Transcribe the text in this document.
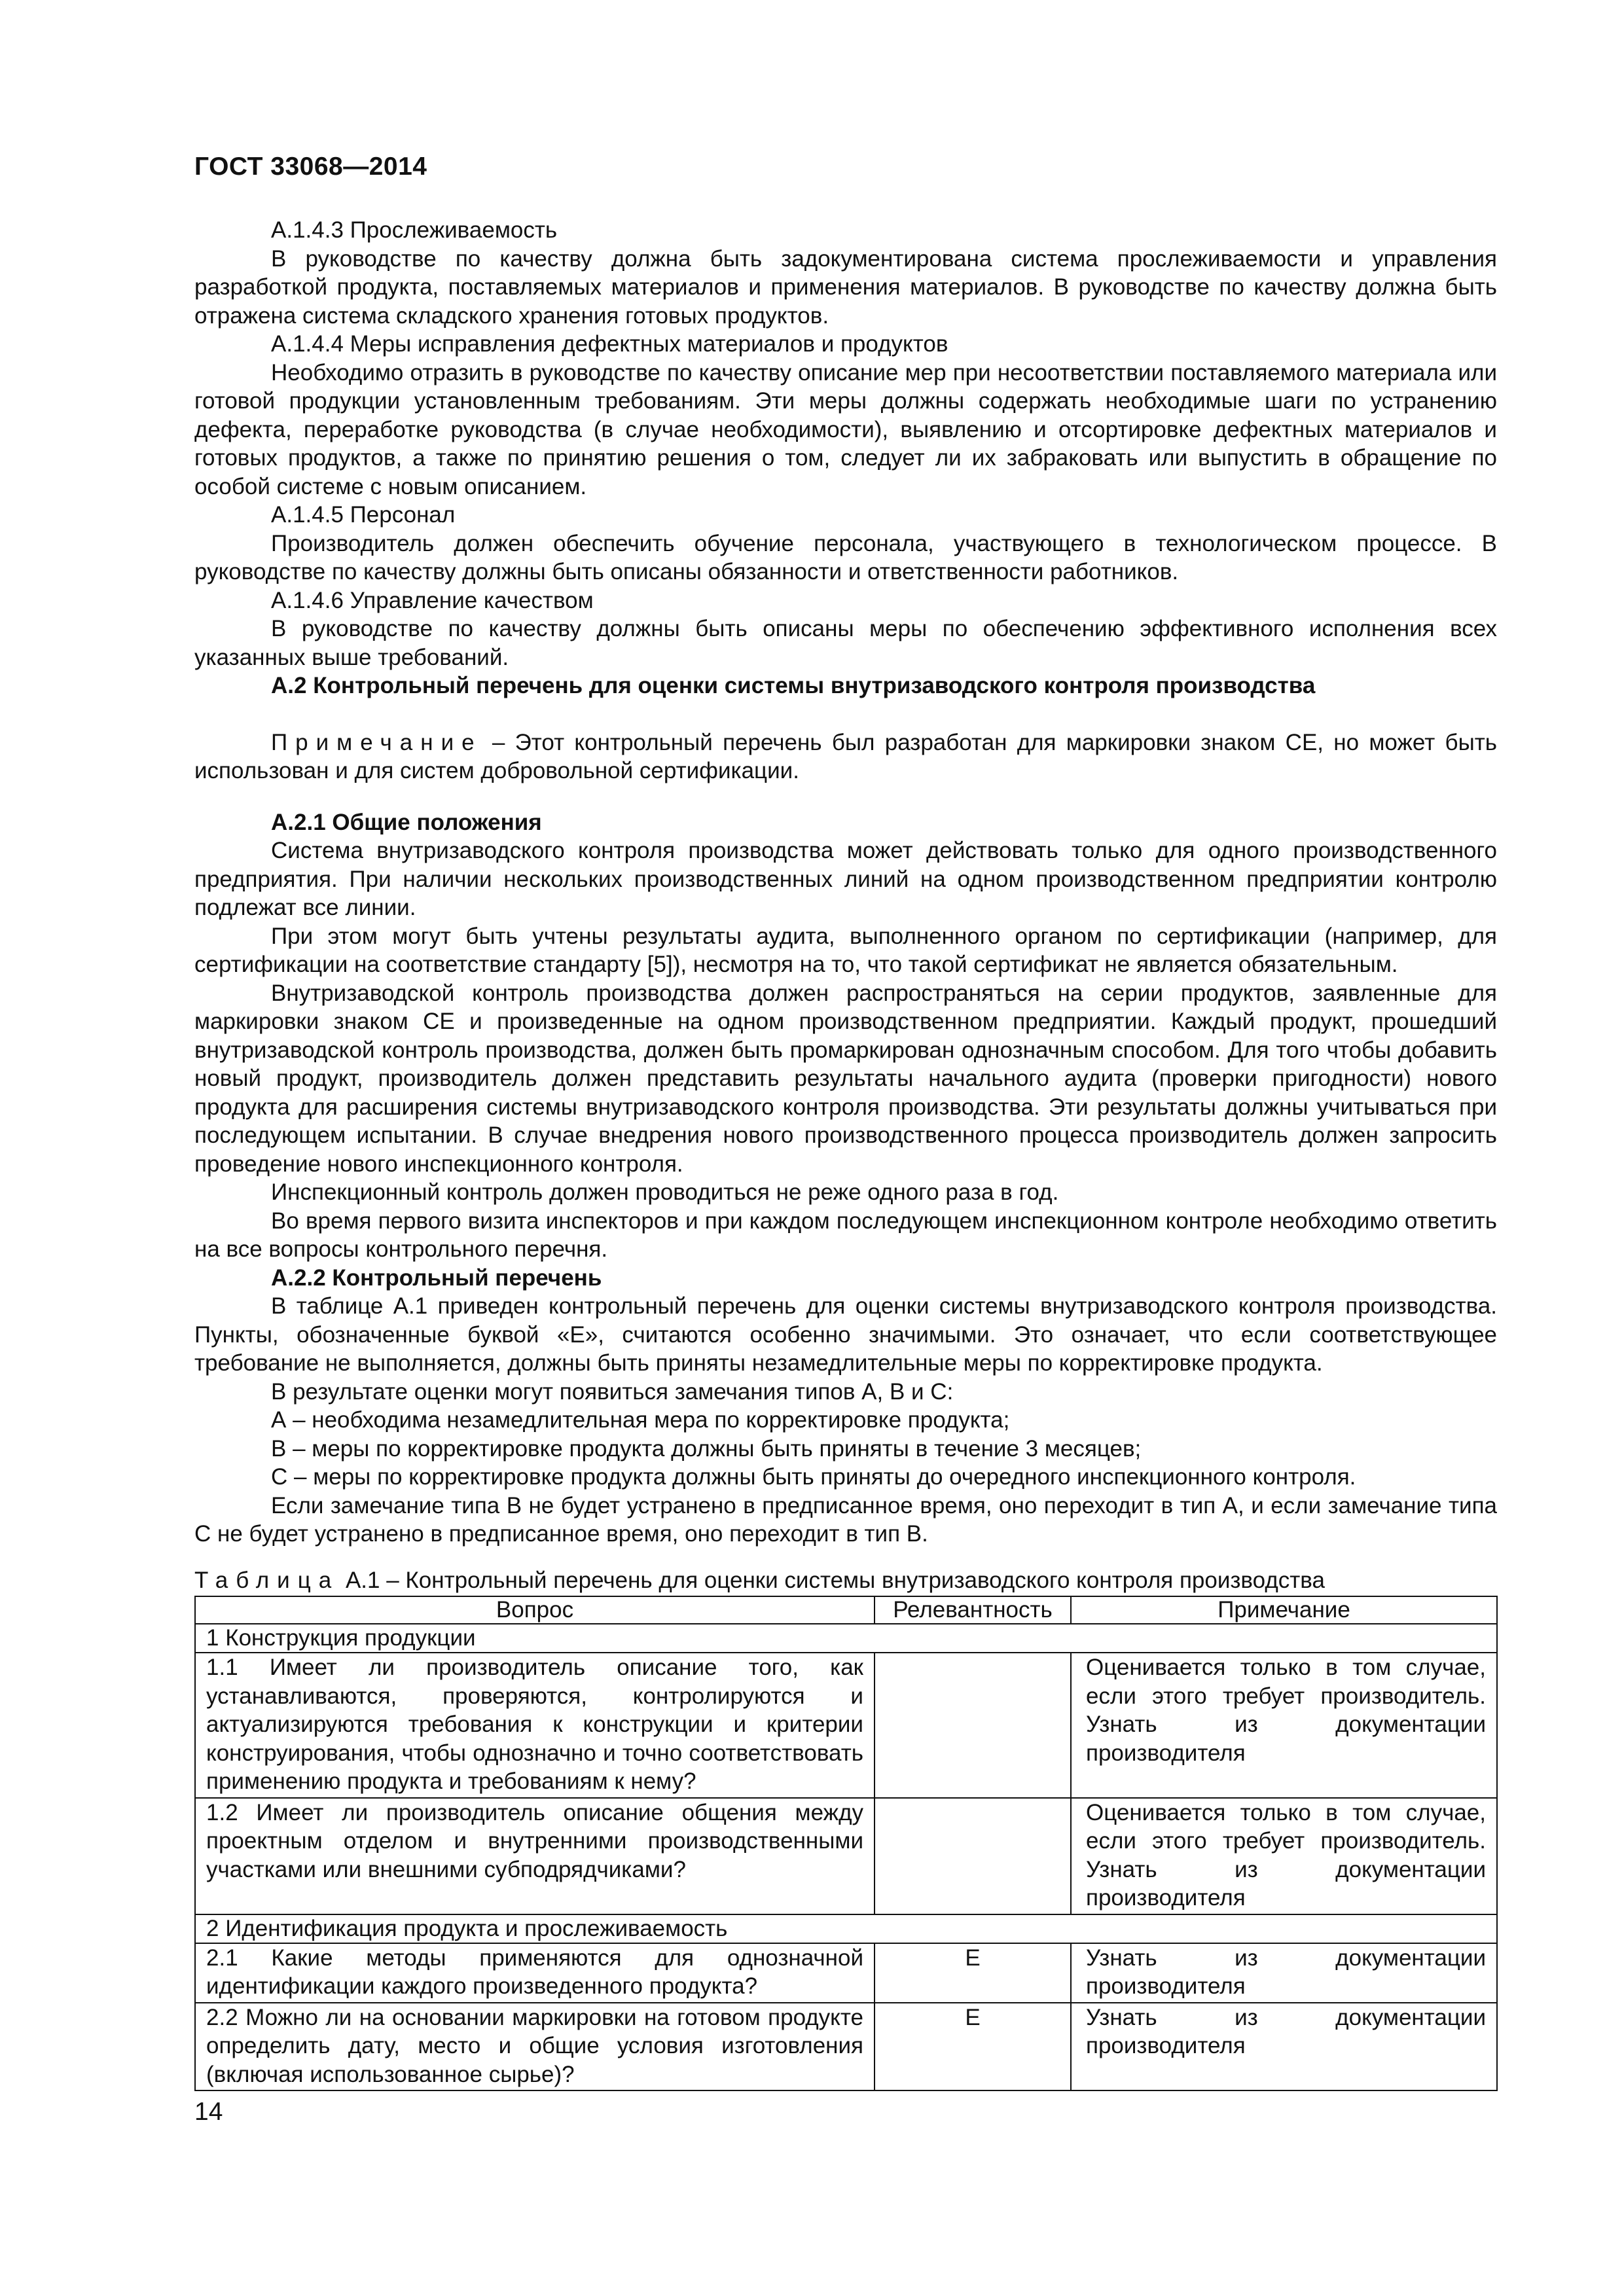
ГОСТ 33068—2014

А.1.4.3 Прослеживаемость

В руководстве по качеству должна быть задокументирована система прослеживаемости и управления разработкой продукта, поставляемых материалов и применения материалов. В руководстве по качеству должна быть отражена система складского хранения готовых продуктов.

А.1.4.4 Меры исправления дефектных материалов и продуктов

Необходимо отразить в руководстве по качеству описание мер при несоответствии поставляемого материала или готовой продукции установленным требованиям. Эти меры должны содержать необходимые шаги по устранению дефекта, переработке руководства (в случае необходимости), выявлению и отсортировке дефектных материалов и готовых продуктов, а также по принятию решения о том, следует ли их забраковать или выпустить в обращение по особой системе с новым описанием.

А.1.4.5 Персонал

Производитель должен обеспечить обучение персонала, участвующего в технологическом процессе. В руководстве по качеству должны быть описаны обязанности и ответственности работников.

А.1.4.6 Управление качеством

В руководстве по качеству должны быть описаны меры по обеспечению эффективного исполнения всех указанных выше требований.

А.2 Контрольный перечень для оценки системы внутризаводского контроля производства

Примечание – Этот контрольный перечень был разработан для маркировки знаком СЕ, но может быть использован и для систем добровольной сертификации.

А.2.1 Общие положения

Система внутризаводского контроля производства может действовать только для одного производственного предприятия. При наличии нескольких производственных линий на одном производственном предприятии контролю подлежат все линии.

При этом могут быть учтены результаты аудита, выполненного органом по сертификации (например, для сертификации на соответствие стандарту [5]), несмотря на то, что такой сертификат не является обязательным.

Внутризаводской контроль производства должен распространяться на серии продуктов, заявленные для маркировки знаком СЕ и произведенные на одном производственном предприятии. Каждый продукт, прошедший внутризаводской контроль производства, должен быть промаркирован однозначным способом. Для того чтобы добавить новый продукт, производитель должен представить результаты начального аудита (проверки пригодности) нового продукта для расширения системы внутризаводского контроля производства. Эти результаты должны учитываться при последующем испытании. В случае внедрения нового производственного процесса производитель должен запросить проведение нового инспекционного контроля.

Инспекционный контроль должен проводиться не реже одного раза в год.

Во время первого визита инспекторов и при каждом последующем инспекционном контроле необходимо ответить на все вопросы контрольного перечня.

А.2.2 Контрольный перечень

В таблице А.1 приведен контрольный перечень для оценки системы внутризаводского контроля производства. Пункты, обозначенные буквой «Е», считаются особенно значимыми. Это означает, что если соответствующее требование не выполняется, должны быть приняты незамедлительные меры по корректировке продукта.

В результате оценки могут появиться замечания типов А, В и С:

А – необходима незамедлительная мера по корректировке продукта;

В – меры по корректировке продукта должны быть приняты в течение 3 месяцев;

С – меры по корректировке продукта должны быть приняты до очередного инспекционного контроля.

Если замечание типа В не будет устранено в предписанное время, оно переходит в тип А, и если замечание типа С не будет устранено в предписанное время, оно переходит в тип В.

Таблица А.1 – Контрольный перечень для оценки системы внутризаводского контроля производства
Вопрос	Релевантность	Примечание
1 Конструкция продукции		
1.1 Имеет ли производитель описание того, как устанавливаются, проверяются, контролируются и актуализируются требования к конструкции и критерии конструирования, чтобы однозначно и точно соответствовать применению продукта и требованиям к нему?		Оценивается только в том случае, если этого требует производитель. Узнать из документации производителя
1.2 Имеет ли производитель описание общения между проектным отделом и внутренними производственными участками или внешними субподрядчиками?		Оценивается только в том случае, если этого требует производитель. Узнать из документации производителя
2 Идентификация продукта и прослеживаемость		
2.1 Какие методы применяются для однозначной идентификации каждого произведенного продукта?	Е	Узнать из документации производителя
2.2 Можно ли на основании маркировки на готовом продукте определить дату, место и общие условия изготовления (включая использованное сырье)?	Е	Узнать из документации производителя
14
